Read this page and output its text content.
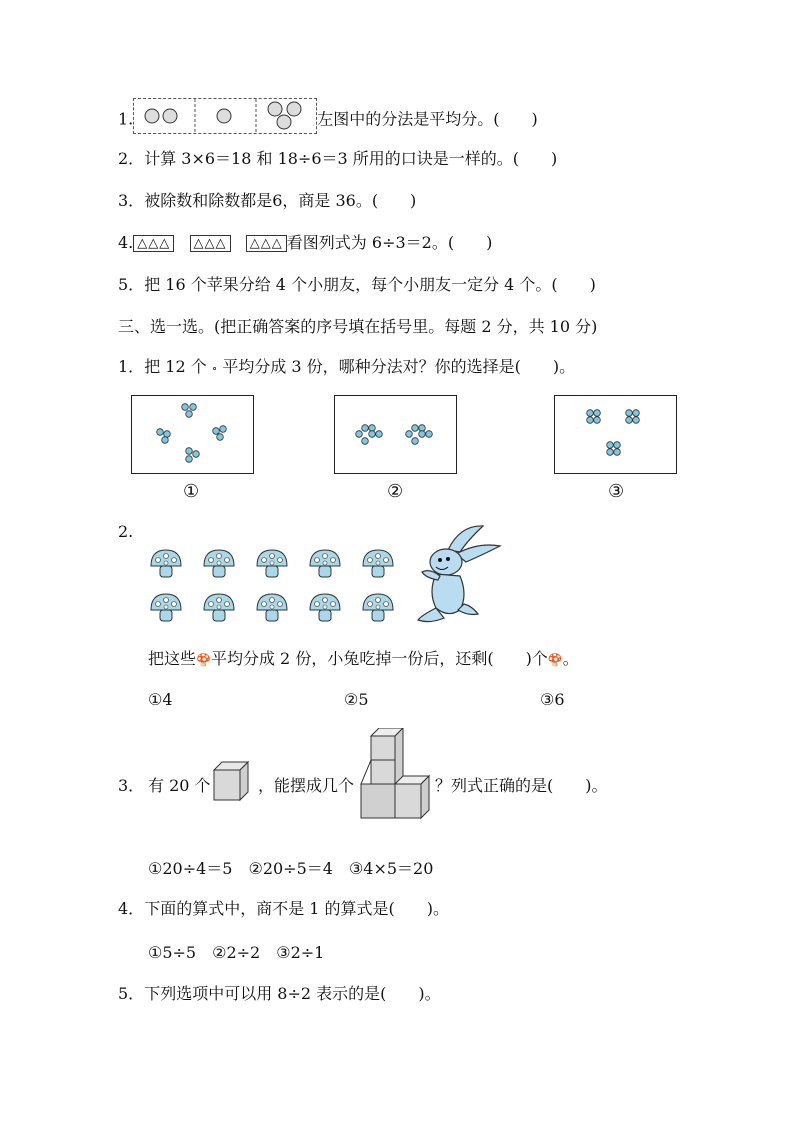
1.	左图中的分法是平均分。(　　)
2．计算 3×6＝18 和 18÷6＝3 所用的口诀是一样的。(　　)
3．被除数和除数都是6，商是 36。(　　)
4. △△△ △△△ △△△ 看图列式为 6÷3＝2。(　　)
5．把 16 个苹果分给 4 个小朋友，每个小朋友一定分 4 个。(　　)
三、选一选。(把正确答案的序号填在括号里。每题 2 分，共 10 分)
1．把 12 个 ∘ 平均分成 3 份，哪种分法对？你的选择是(　　)。
①	②	③
2.
把这些🍄平均分成 2 份，小兔吃掉一份后，还剩(　　)个🍄。
①4	②5	③6
3． 有 20 个	，能摆成几个	？列式正确的是(　　)。
①20÷4＝5　②20÷5＝4　③4×5＝20
4．下面的算式中，商不是 1 的算式是(　　)。
①5÷5　②2÷2　③2÷1
5．下列选项中可以用 8÷2 表示的是(　　)。
